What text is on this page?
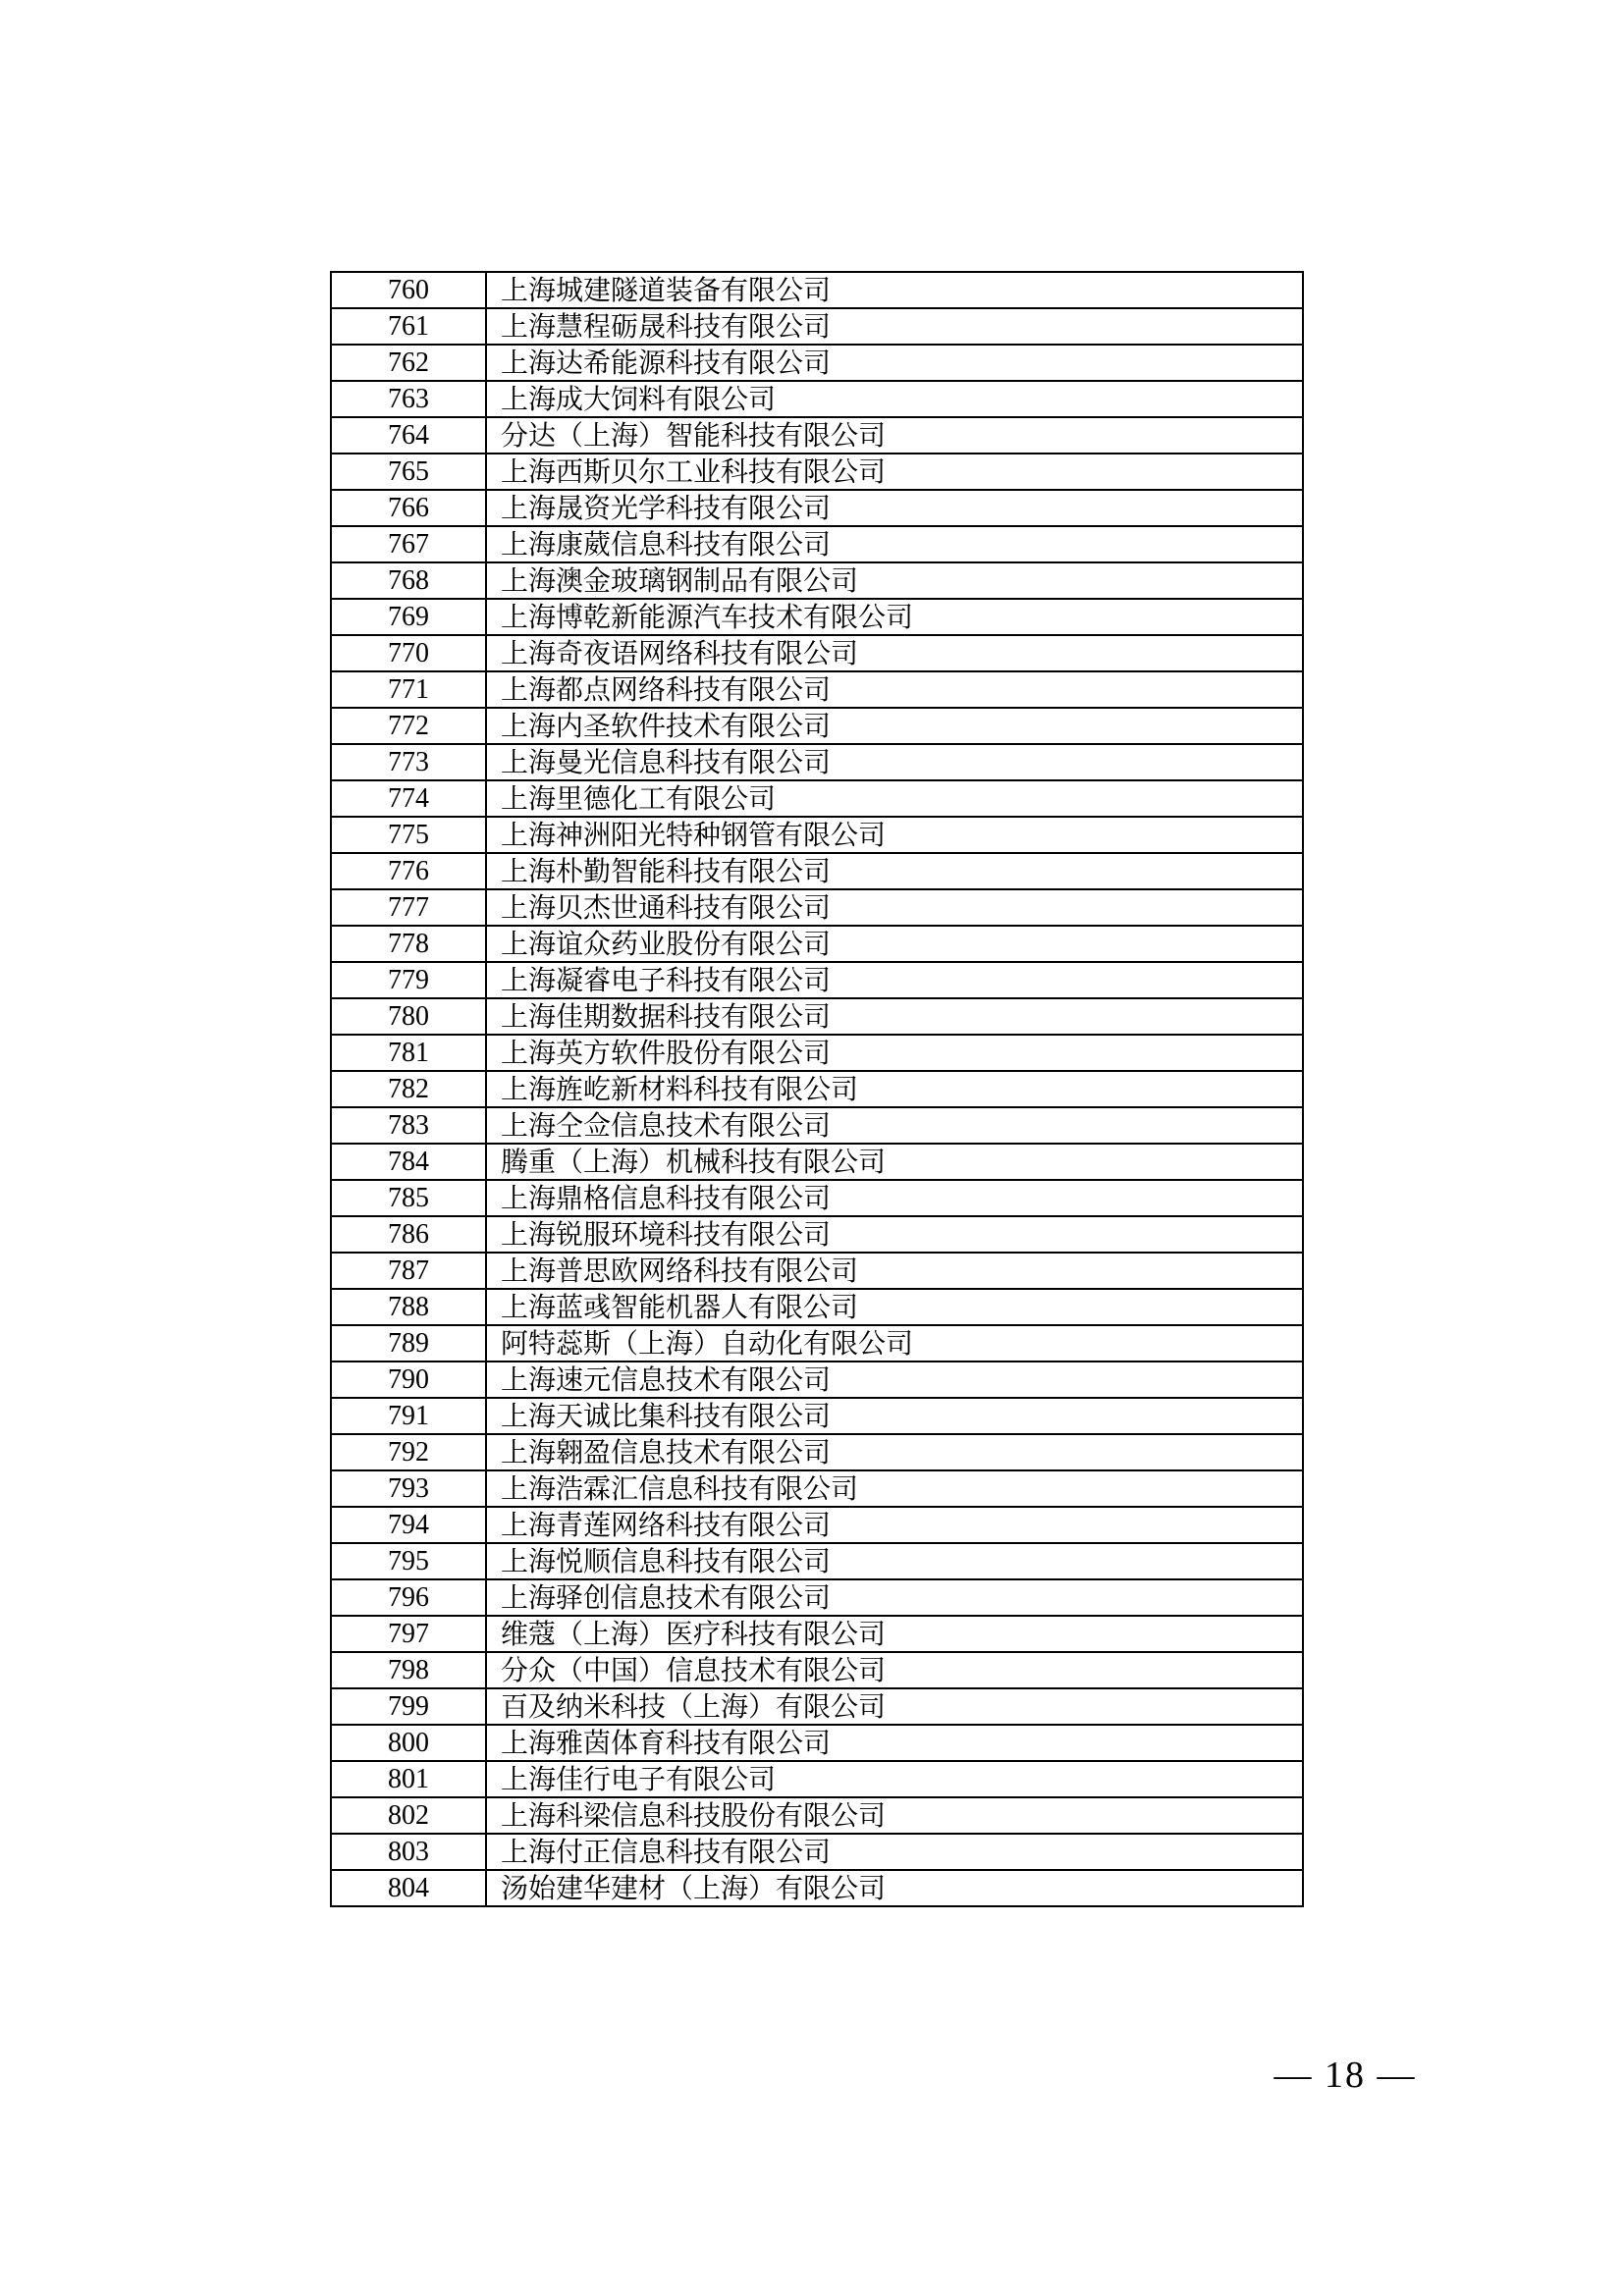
760	上海城建隧道装备有限公司
761	上海慧程砺晟科技有限公司
762	上海达希能源科技有限公司
763	上海成大饲料有限公司
764	分达（上海）智能科技有限公司
765	上海西斯贝尔工业科技有限公司
766	上海晟资光学科技有限公司
767	上海康葳信息科技有限公司
768	上海澳金玻璃钢制品有限公司
769	上海博乾新能源汽车技术有限公司
770	上海奇夜语网络科技有限公司
771	上海都点网络科技有限公司
772	上海内圣软件技术有限公司
773	上海曼光信息科技有限公司
774	上海里德化工有限公司
775	上海神洲阳光特种钢管有限公司
776	上海朴勤智能科技有限公司
777	上海贝杰世通科技有限公司
778	上海谊众药业股份有限公司
779	上海凝睿电子科技有限公司
780	上海佳期数据科技有限公司
781	上海英方软件股份有限公司
782	上海旌屹新材料科技有限公司
783	上海仝佥信息技术有限公司
784	腾重（上海）机械科技有限公司
785	上海鼎格信息科技有限公司
786	上海锐服环境科技有限公司
787	上海普思欧网络科技有限公司
788	上海蓝彧智能机器人有限公司
789	阿特蕊斯（上海）自动化有限公司
790	上海速元信息技术有限公司
791	上海天诚比集科技有限公司
792	上海翱盈信息技术有限公司
793	上海浩霖汇信息科技有限公司
794	上海青莲网络科技有限公司
795	上海悦顺信息科技有限公司
796	上海驿创信息技术有限公司
797	维蔻（上海）医疗科技有限公司
798	分众（中国）信息技术有限公司
799	百及纳米科技（上海）有限公司
800	上海雅茵体育科技有限公司
801	上海佳行电子有限公司
802	上海科梁信息科技股份有限公司
803	上海付正信息科技有限公司
804	汤始建华建材（上海）有限公司
— 18 —
